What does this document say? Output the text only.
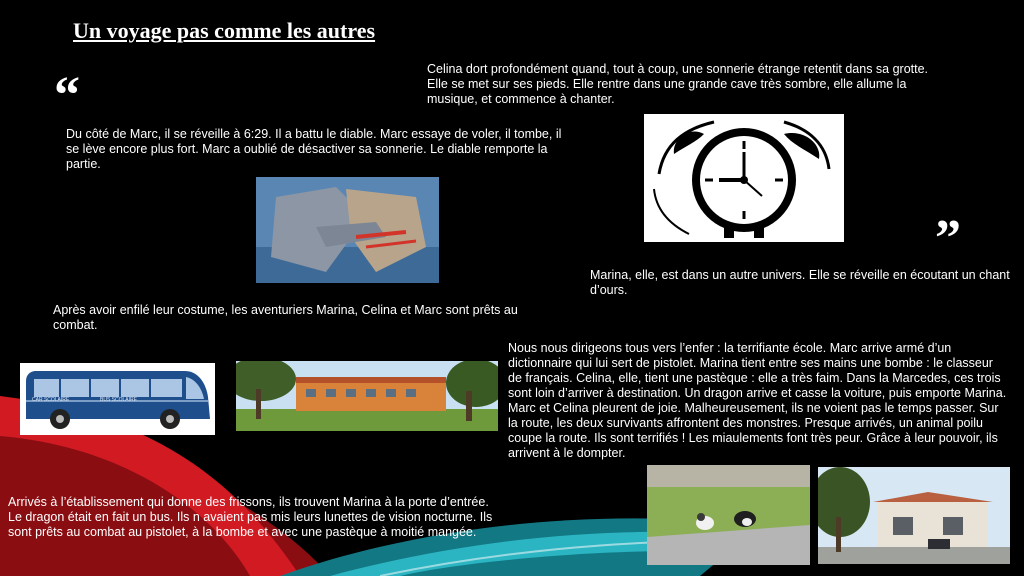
Un voyage pas comme les autres
“
”
Celina dort profondément quand, tout à coup, une sonnerie étrange retentit dans sa grotte. Elle se met sur ses pieds. Elle rentre dans une grande cave très sombre, elle allume la musique, et commence à chanter.
Du côté de Marc, il se réveille à 6:29. Il a battu le diable. Marc essaye de voler, il tombe, il se lève encore plus fort. Marc a oublié de désactiver sa sonnerie. Le diable remporte la partie.
Marina, elle, est dans un autre univers. Elle se réveille en écoutant un chant d’ours.
Après avoir enfilé leur costume, les aventuriers Marina, Celina et Marc sont prêts au combat.
CAR SCOLAIRE	BUS SCOLAIRE
Nous nous dirigeons tous vers l’enfer : la terrifiante école. Marc arrive armé d’un dictionnaire qui lui sert de pistolet. Marina tient entre ses mains une bombe : le classeur de français. Celina, elle, tient une pastèque : elle a très faim. Dans la Marcedes, ces trois sont loin d’arriver à destination. Un dragon arrive et casse la voiture, puis emporte Marina. Marc et Celina pleurent de joie. Malheureusement, ils ne voient pas le temps passer. Sur la route, les deux survivants affrontent des monstres. Presque arrivés, un animal poilu coupe la route. Ils sont terrifiés ! Les miaulements font très peur. Grâce à leur pouvoir, ils arrivent à le dompter.
Arrivés à l’établissement qui donne des frissons, ils trouvent Marina à la porte d’entrée. Le dragon était en fait un bus. Ils n avaient pas mis leurs lunettes de vision nocturne. Ils sont prêts au combat au pistolet, à la bombe et avec une pastèque à moitié mangée.
